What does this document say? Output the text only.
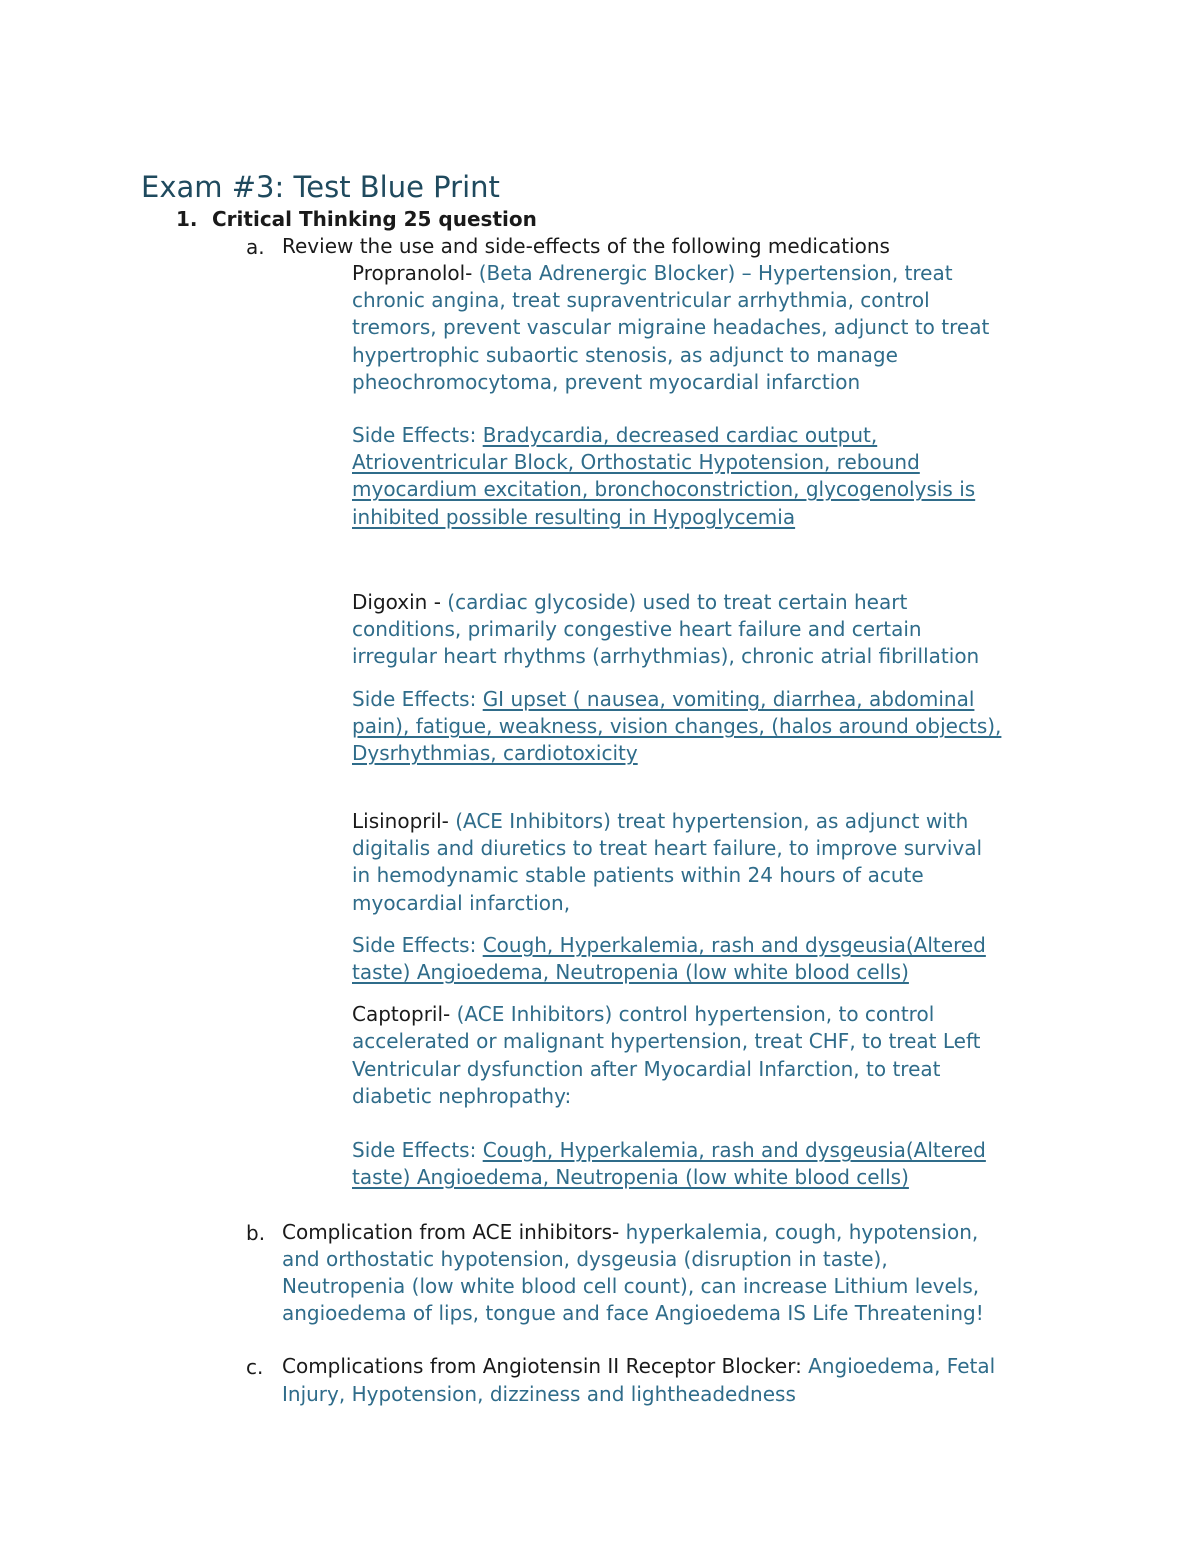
Exam #3: Test Blue Print
1. Critical Thinking 25 question
a. Review the use and side-effects of the following medications
Propranolol- (Beta Adrenergic Blocker) – Hypertension, treat
chronic angina, treat supraventricular arrhythmia, control
tremors, prevent vascular migraine headaches, adjunct to treat
hypertrophic subaortic stenosis, as adjunct to manage
pheochromocytoma, prevent myocardial infarction
Side Effects: Bradycardia, decreased cardiac output,
Atrioventricular Block, Orthostatic Hypotension, rebound
myocardium excitation, bronchoconstriction, glycogenolysis is
inhibited possible resulting in Hypoglycemia
Digoxin - (cardiac glycoside) used to treat certain heart
conditions, primarily congestive heart failure and certain
irregular heart rhythms (arrhythmias), chronic atrial fibrillation
Side Effects: GI upset ( nausea, vomiting, diarrhea, abdominal
pain), fatigue, weakness, vision changes, (halos around objects),
Dysrhythmias, cardiotoxicity
Lisinopril- (ACE Inhibitors) treat hypertension, as adjunct with
digitalis and diuretics to treat heart failure, to improve survival
in hemodynamic stable patients within 24 hours of acute
myocardial infarction,
Side Effects: Cough, Hyperkalemia, rash and dysgeusia(Altered
taste) Angioedema, Neutropenia (low white blood cells)
Captopril- (ACE Inhibitors) control hypertension, to control
accelerated or malignant hypertension, treat CHF, to treat Left
Ventricular dysfunction after Myocardial Infarction, to treat
diabetic nephropathy:
Side Effects: Cough, Hyperkalemia, rash and dysgeusia(Altered
taste) Angioedema, Neutropenia (low white blood cells)
b. Complication from ACE inhibitors- hyperkalemia, cough, hypotension,
and orthostatic hypotension, dysgeusia (disruption in taste),
Neutropenia (low white blood cell count), can increase Lithium levels,
angioedema of lips, tongue and face Angioedema IS Life Threatening!
c. Complications from Angiotensin II Receptor Blocker: Angioedema, Fetal
Injury, Hypotension, dizziness and lightheadedness
